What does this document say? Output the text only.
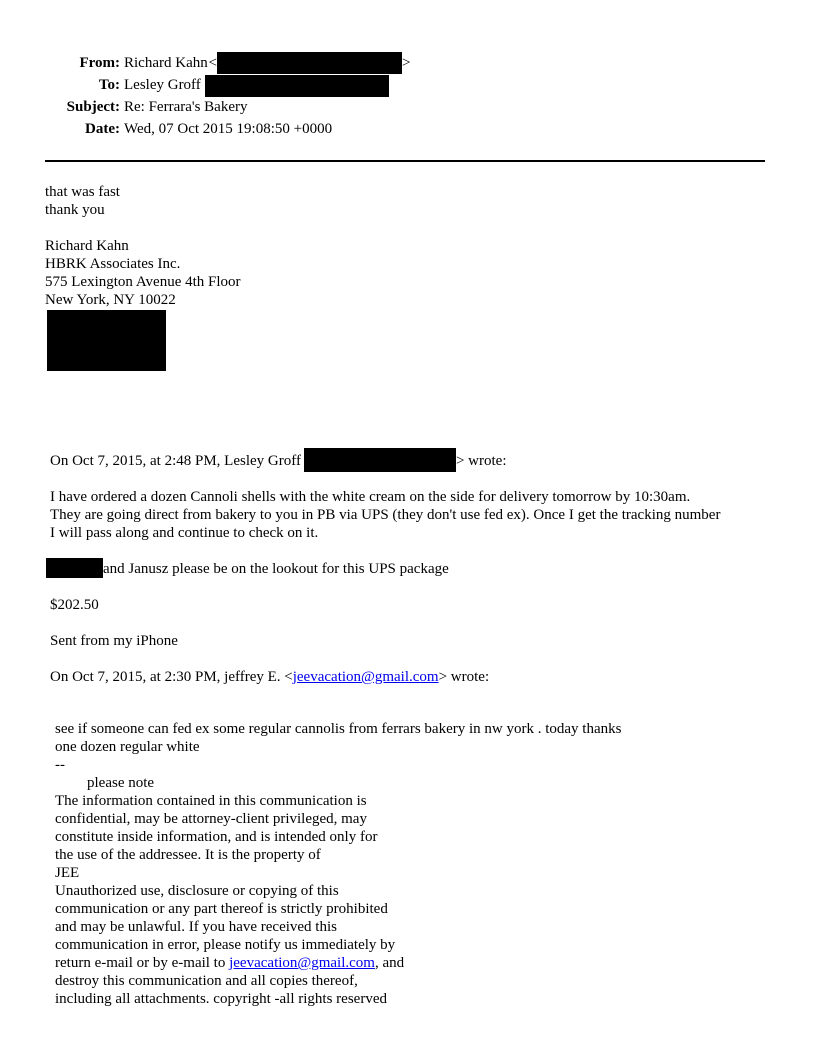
From: Richard Kahn <	>
To: Lesley Groff
Subject: Re: Ferrara's Bakery
Date: Wed, 07 Oct 2015 19:08:50 +0000
that was fast
thank you
Richard Kahn
HBRK Associates Inc.
575 Lexington Avenue 4th Floor
New York, NY 10022
On Oct 7, 2015, at 2:48 PM, Lesley Groff	> wrote:
I have ordered a dozen Cannoli shells with the white cream on the side for delivery tomorrow by 10:30am.
They are going direct from bakery to you in PB via UPS (they don't use fed ex). Once I get the tracking number
I will pass along and continue to check on it.
and Janusz please be on the lookout for this UPS package
$202.50
Sent from my iPhone
On Oct 7, 2015, at 2:30 PM, jeffrey E. <jeevacation@gmail.com> wrote:
see if someone can fed ex some regular cannolis from ferrars bakery in nw york . today thanks
one dozen regular white
--
please note
The information contained in this communication is
confidential, may be attorney-client privileged, may
constitute inside information, and is intended only for
the use of the addressee. It is the property of
JEE
Unauthorized use, disclosure or copying of this
communication or any part thereof is strictly prohibited
and may be unlawful. If you have received this
communication in error, please notify us immediately by
return e-mail or by e-mail to jeevacation@gmail.com, and
destroy this communication and all copies thereof,
including all attachments. copyright -all rights reserved
